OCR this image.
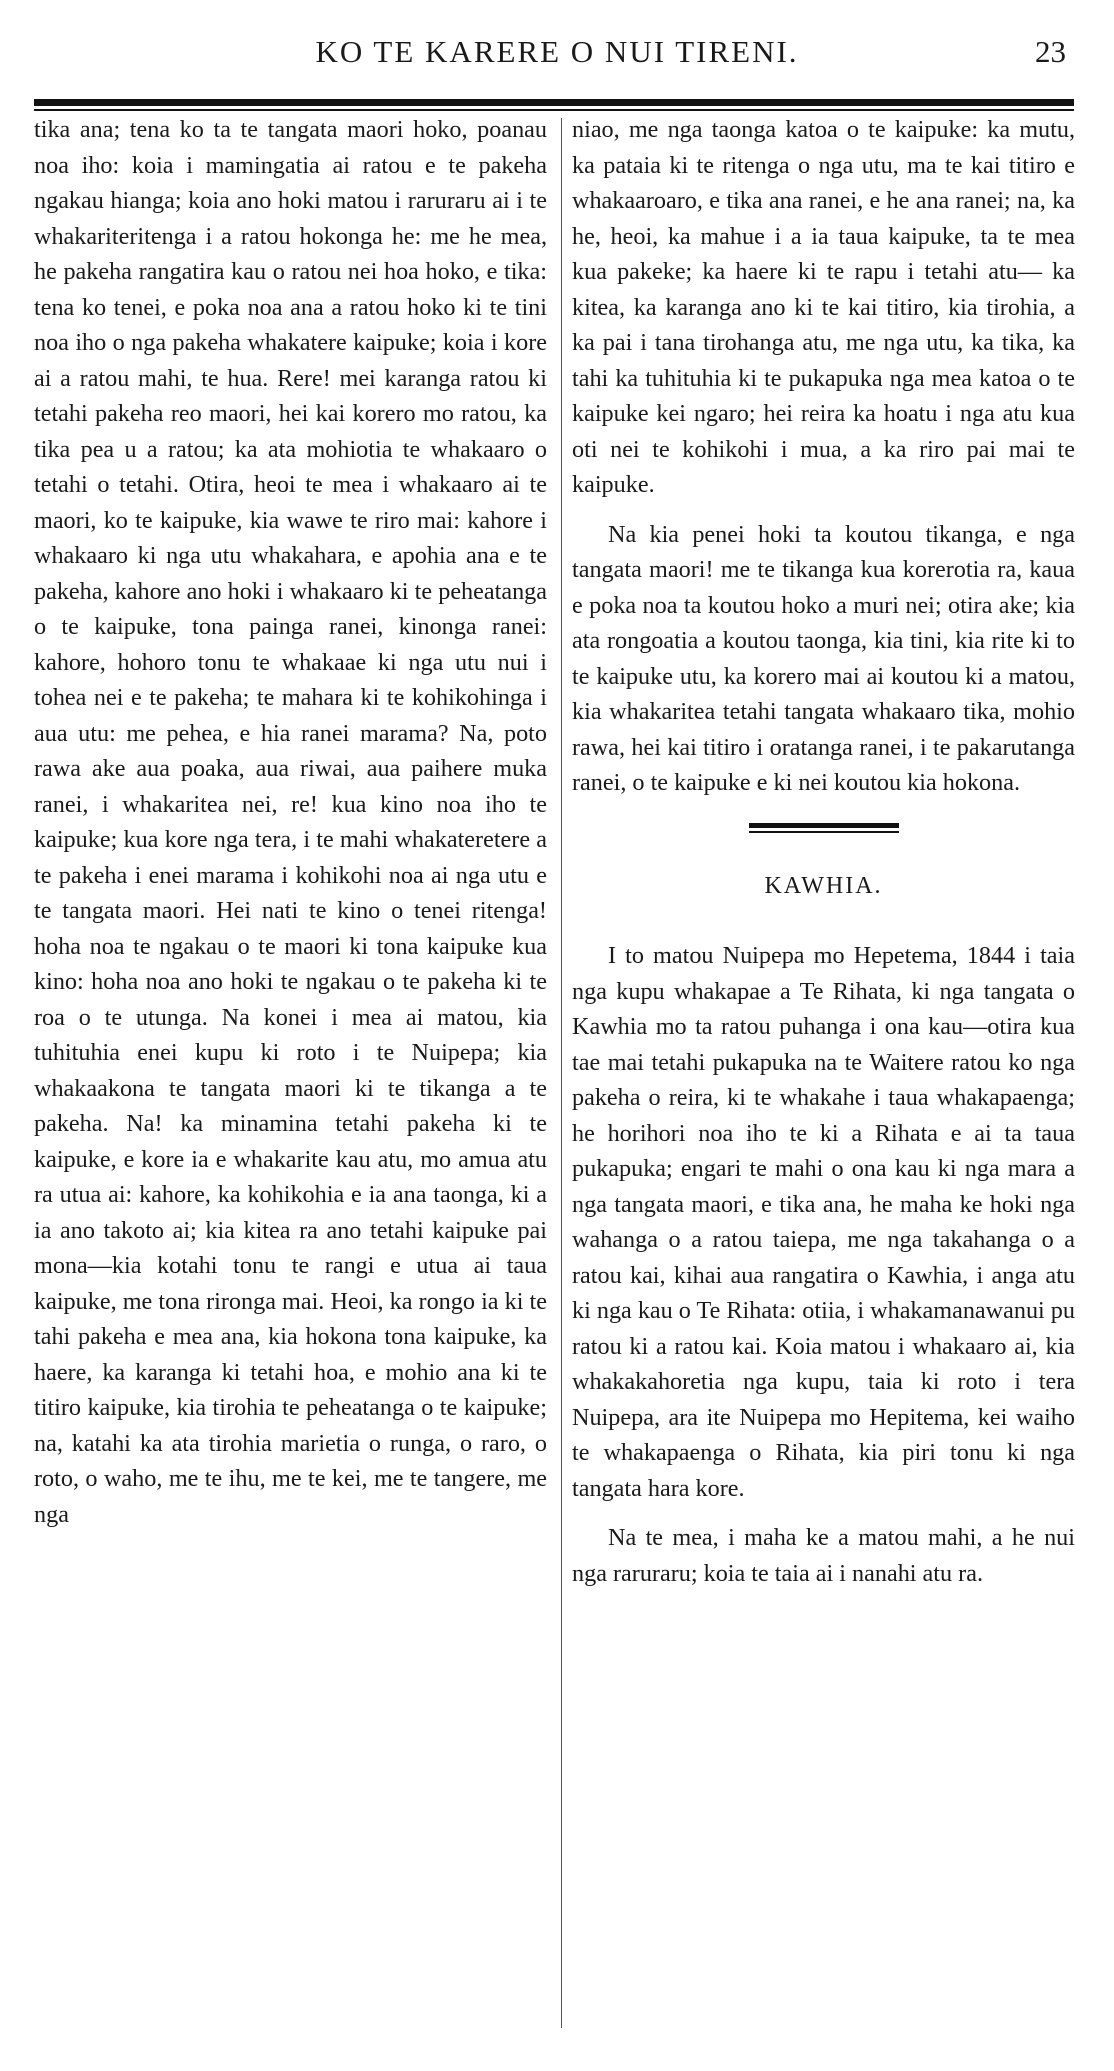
KO TE KARERE O NUI TIRENI.	23

tika ana; tena ko ta te tangata maori hoko, poanau noa iho: koia i mamingatia ai ratou e te pakeha ngakau hianga; koia ano hoki matou i raruraru ai i te whakariteritenga i a ratou hokonga he: me he mea, he pakeha rangatira kau o ratou nei hoa hoko, e tika: tena ko tenei, e poka noa ana a ratou hoko ki te tini noa iho o nga pakeha whakatere kaipuke; koia i kore ai a ratou mahi, te hua. Rere! mei karanga ratou ki tetahi pakeha reo maori, hei kai korero mo ratou, ka tika pea u a ratou; ka ata mohiotia te whakaaro o tetahi o tetahi. Otira, heoi te mea i whakaaro ai te maori, ko te kaipuke, kia wawe te riro mai: kahore i whakaaro ki nga utu whakahara, e apohia ana e te pakeha, kahore ano hoki i whakaaro ki te peheatanga o te kaipuke, tona painga ranei, kinonga ranei: kahore, hohoro tonu te whakaae ki nga utu nui i tohea nei e te pakeha; te mahara ki te kohikohinga i aua utu: me pehea, e hia ranei marama? Na, poto rawa ake aua poaka, aua riwai, aua paihere muka ranei, i whakaritea nei, re! kua kino noa iho te kaipuke; kua kore nga tera, i te mahi whakateretere a te pakeha i enei marama i kohikohi noa ai nga utu e te tangata maori. Hei nati te kino o tenei ritenga! hoha noa te ngakau o te maori ki tona kaipuke kua kino: hoha noa ano hoki te ngakau o te pakeha ki te roa o te utunga. Na konei i mea ai matou, kia tuhituhia enei kupu ki roto i te Nuipepa; kia whakaakona te tangata maori ki te tikanga a te pakeha. Na! ka minamina tetahi pakeha ki te kaipuke, e kore ia e whakarite kau atu, mo amua atu ra utua ai: kahore, ka kohikohia e ia ana taonga, ki a ia ano takoto ai; kia kitea ra ano tetahi kaipuke pai mona—kia kotahi tonu te rangi e utua ai taua kaipuke, me tona rironga mai. Heoi, ka rongo ia ki te tahi pakeha e mea ana, kia hokona tona kaipuke, ka haere, ka karanga ki tetahi hoa, e mohio ana ki te titiro kaipuke, kia tirohia te peheatanga o te kaipuke; na, katahi ka ata tirohia marietia o runga, o raro, o roto, o waho, me te ihu, me te kei, me te tangere, me nga

niao, me nga taonga katoa o te kaipuke: ka mutu, ka pataia ki te ritenga o nga utu, ma te kai titiro e whakaaroaro, e tika ana ranei, e he ana ranei; na, ka he, heoi, ka mahue i a ia taua kaipuke, ta te mea kua pakeke; ka haere ki te rapu i tetahi atu— ka kitea, ka karanga ano ki te kai titiro, kia tirohia, a ka pai i tana tirohanga atu, me nga utu, ka tika, ka tahi ka tuhituhia ki te pukapuka nga mea katoa o te kaipuke kei ngaro; hei reira ka hoatu i nga atu kua oti nei te kohikohi i mua, a ka riro pai mai te kaipuke.

Na kia penei hoki ta koutou tikanga, e nga tangata maori! me te tikanga kua korerotia ra, kaua e poka noa ta koutou hoko a muri nei; otira ake; kia ata rongoatia a koutou taonga, kia tini, kia rite ki to te kaipuke utu, ka korero mai ai koutou ki a matou, kia whakaritea tetahi tangata whakaaro tika, mohio rawa, hei kai titiro i oratanga ranei, i te pakarutanga ranei, o te kaipuke e ki nei koutou kia hokona.

KAWHIA.

I to matou Nuipepa mo Hepetema, 1844 i taia nga kupu whakapae a Te Rihata, ki nga tangata o Kawhia mo ta ratou puhanga i ona kau—otira kua tae mai tetahi pukapuka na te Waitere ratou ko nga pakeha o reira, ki te whakahe i taua whakapaenga; he horihori noa iho te ki a Rihata e ai ta taua pukapuka; engari te mahi o ona kau ki nga mara a nga tangata maori, e tika ana, he maha ke hoki nga wahanga o a ratou taiepa, me nga takahanga o a ratou kai, kihai aua rangatira o Kawhia, i anga atu ki nga kau o Te Rihata: otiia, i whakamanawanui pu ratou ki a ratou kai. Koia matou i whakaaro ai, kia whakakahoretia nga kupu, taia ki roto i tera Nuipepa, ara ite Nuipepa mo Hepitema, kei waiho te whakapaenga o Rihata, kia piri tonu ki nga tangata hara kore.

Na te mea, i maha ke a matou mahi, a he nui nga raruraru; koia te taia ai i nanahi atu ra.
